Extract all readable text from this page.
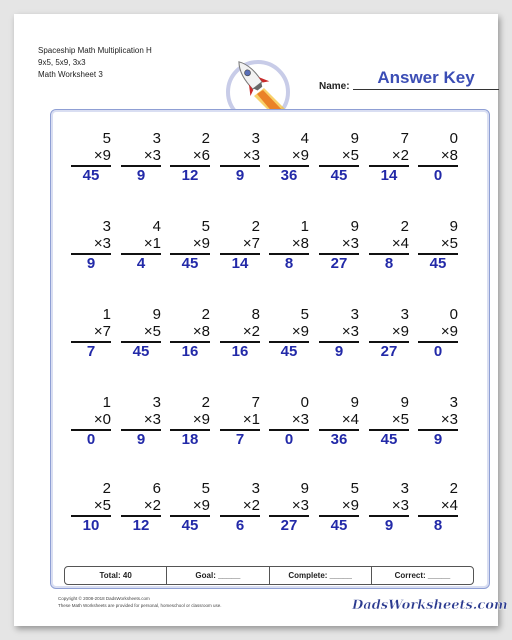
Spaceship Math Multiplication H
9x5, 5x9, 3x3
Math Worksheet 3
Name:	Answer Key
5
×9
45
3
×3
9
2
×6
12
3
×3
9
4
×9
36
9
×5
45
7
×2
14
0
×8
0
3
×3
9
4
×1
4
5
×9
45
2
×7
14
1
×8
8
9
×3
27
2
×4
8
9
×5
45
1
×7
7
9
×5
45
2
×8
16
8
×2
16
5
×9
45
3
×3
9
3
×9
27
0
×9
0
1
×0
0
3
×3
9
2
×9
18
7
×1
7
0
×3
0
9
×4
36
9
×5
45
3
×3
9
2
×5
10
6
×2
12
5
×9
45
3
×2
6
9
×3
27
5
×9
45
3
×3
9
2
×4
8
Total: 40	Goal: _____	Complete: _____	Correct: _____
Copyright © 2008-2018 DadsWorksheets.com
These Math Worksheets are provided for personal, homeschool or classroom use.	DadsWorksheets.com
